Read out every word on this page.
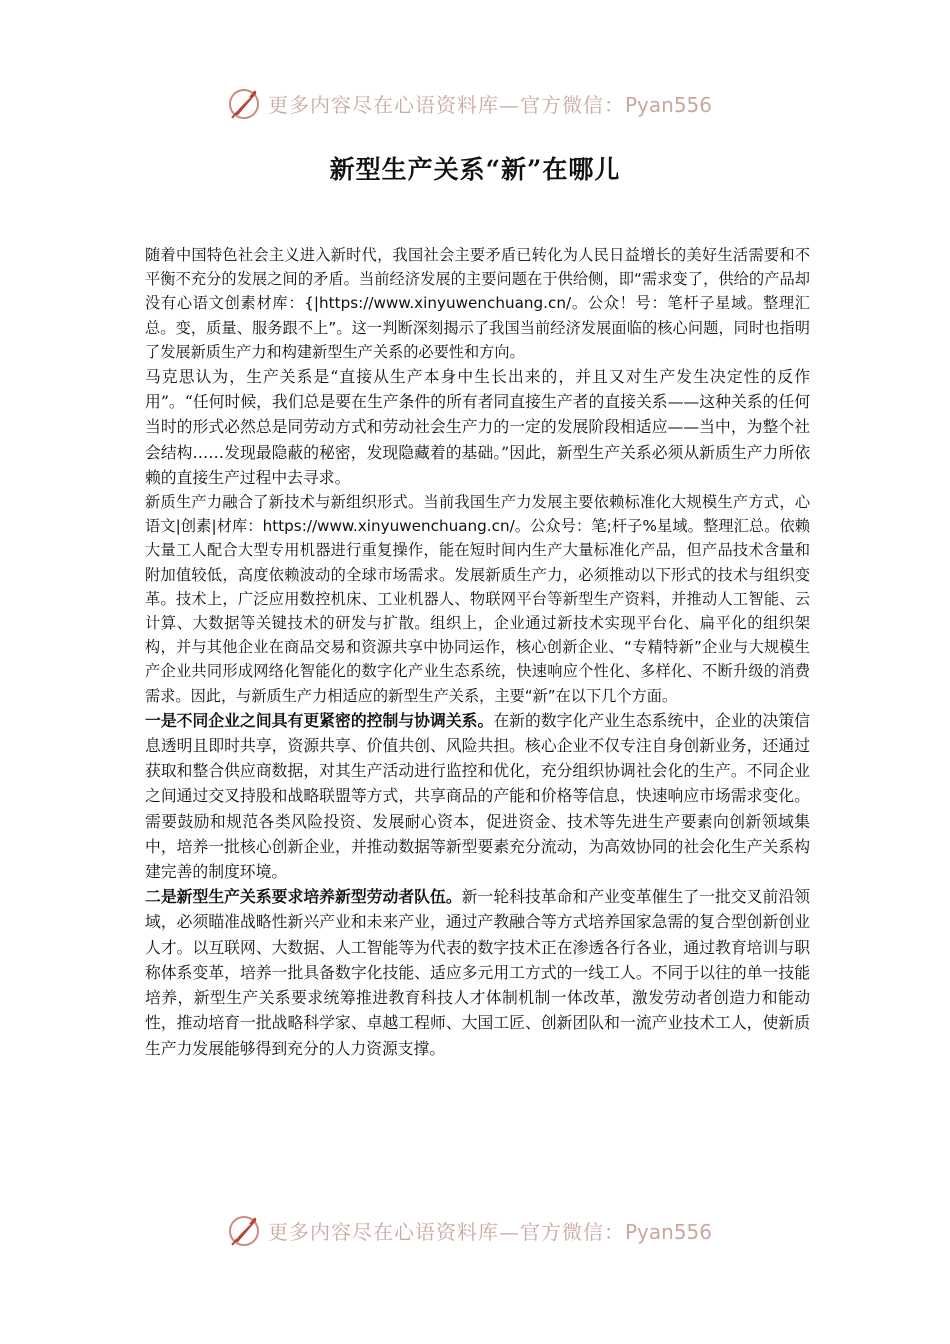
更多内容尽在心语资料库—官方微信：Pyan556
新型生产关系“新”在哪儿

随着中国特色社会主义进入新时代，我国社会主要矛盾已转化为人民日益增长的美好生活需要和不平衡不充分的发展之间的矛盾。当前经济发展的主要问题在于供给侧，即“需求变了，供给的产品却没有心语文创素材库：{|https://www.xinyuwenchuang.cn/。公众！号：笔杆子星域。整理汇总。变，质量、服务跟不上”。这一判断深刻揭示了我国当前经济发展面临的核心问题，同时也指明了发展新质生产力和构建新型生产关系的必要性和方向。

马克思认为，生产关系是“直接从生产本身中生长出来的，并且又对生产发生决定性的反作用”。“任何时候，我们总是要在生产条件的所有者同直接生产者的直接关系——这种关系的任何当时的形式必然总是同劳动方式和劳动社会生产力的一定的发展阶段相适应——当中，为整个社会结构……发现最隐蔽的秘密，发现隐藏着的基础。”因此，新型生产关系必须从新质生产力所依赖的直接生产过程中去寻求。

新质生产力融合了新技术与新组织形式。当前我国生产力发展主要依赖标准化大规模生产方式，心语文|创素|材库：https://www.xinyuwenchuang.cn/。公众号：笔;杆子%星域。整理汇总。依赖大量工人配合大型专用机器进行重复操作，能在短时间内生产大量标准化产品，但产品技术含量和附加值较低，高度依赖波动的全球市场需求。发展新质生产力，必须推动以下形式的技术与组织变革。技术上，广泛应用数控机床、工业机器人、物联网平台等新型生产资料，并推动人工智能、云计算、大数据等关键技术的研发与扩散。组织上，企业通过新技术实现平台化、扁平化的组织架构，并与其他企业在商品交易和资源共享中协同运作，核心创新企业、“专精特新”企业与大规模生产企业共同形成网络化智能化的数字化产业生态系统，快速响应个性化、多样化、不断升级的消费需求。因此，与新质生产力相适应的新型生产关系，主要“新”在以下几个方面。

一是不同企业之间具有更紧密的控制与协调关系。在新的数字化产业生态系统中，企业的决策信息透明且即时共享，资源共享、价值共创、风险共担。核心企业不仅专注自身创新业务，还通过获取和整合供应商数据，对其生产活动进行监控和优化，充分组织协调社会化的生产。不同企业之间通过交叉持股和战略联盟等方式，共享商品的产能和价格等信息，快速响应市场需求变化。需要鼓励和规范各类风险投资、发展耐心资本，促进资金、技术等先进生产要素向创新领域集中，培养一批核心创新企业，并推动数据等新型要素充分流动，为高效协同的社会化生产关系构建完善的制度环境。

二是新型生产关系要求培养新型劳动者队伍。新一轮科技革命和产业变革催生了一批交叉前沿领域，必须瞄准战略性新兴产业和未来产业，通过产教融合等方式培养国家急需的复合型创新创业人才。以互联网、大数据、人工智能等为代表的数字技术正在渗透各行各业，通过教育培训与职称体系变革，培养一批具备数字化技能、适应多元用工方式的一线工人。不同于以往的单一技能培养，新型生产关系要求统筹推进教育科技人才体制机制一体改革，激发劳动者创造力和能动性，推动培育一批战略科学家、卓越工程师、大国工匠、创新团队和一流产业技术工人，使新质生产力发展能够得到充分的人力资源支撑。

更多内容尽在心语资料库—官方微信：Pyan556
